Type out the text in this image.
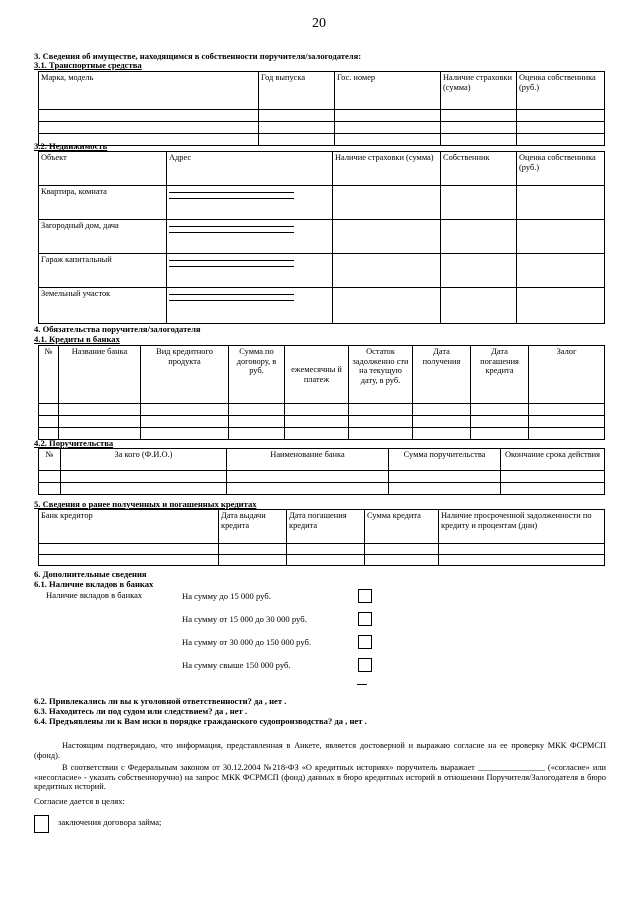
20
3. Сведения об имуществе, находящимся в собственности поручителя/залогодателя:
3.1. Транспортные средства
Марка, модель	Год выпуска	Гос. номер	Наличие страховки (сумма)	Оценка собственника (руб.)

3.2. Недвижимость
Объект	Адрес	Наличие страховки (сумма)	Собственник	Оценка собственника (руб.)
Квартира, комната	

Загородный дом, дача	

Гараж капитальный	

Земельный участок	

4. Обязательства поручителя/залогодателя
4.1. Кредиты в банках
№	Название банка	Вид кредитного продукта	Сумма по договору, в руб.	ежемесячны й платеж	Остаток задолженно сти на текущую дату, в руб.	Дата получения	Дата погашения кредита	Залог

4.2. Поручительства
№	За кого (Ф.И.О.)	Наименование банка	Сумма поручительства	Окончание срока действия

5. Сведения о ранее полученных и погашенных кредитах
Банк кредитор	Дата выдачи кредита	Дата погашения кредита	Сумма кредита	Наличие просроченной задолженности по кредиту и процентам (дни)

6. Дополнительные сведения
6.1. Наличие вкладов в банках
Наличие вкладов в банках	На сумму до 15 000 руб.
На сумму от 15 000 до 30 000 руб.
На сумму от 30 000 до 150 000 руб.
На сумму свыше 150 000 руб.
6.2. Привлекались ли вы к уголовной ответственности? да , нет .
6.3. Находитесь ли под судом или следствием? да , нет .
6.4. Предъявлены ли к Вам иски в порядке гражданского судопроизводства? да , нет .
Настоящим подтверждаю, что информация, представленная в Анкете, является достоверной и выражаю согласие на ее проверку МКК ФСРМСП (фонд).
В соответствии с Федеральным законом от 30.12.2004 №218-ФЗ «О кредитных историях» поручитель выражает ________________ («согласие» или «несогласие» - указать собственноручно) на запрос МКК ФСРМСП (фонд) данных в бюро кредитных историй в отношении Поручителя/Залогодателя в бюро кредитных историй.
Согласие дается в целях:
заключения договора займа;
